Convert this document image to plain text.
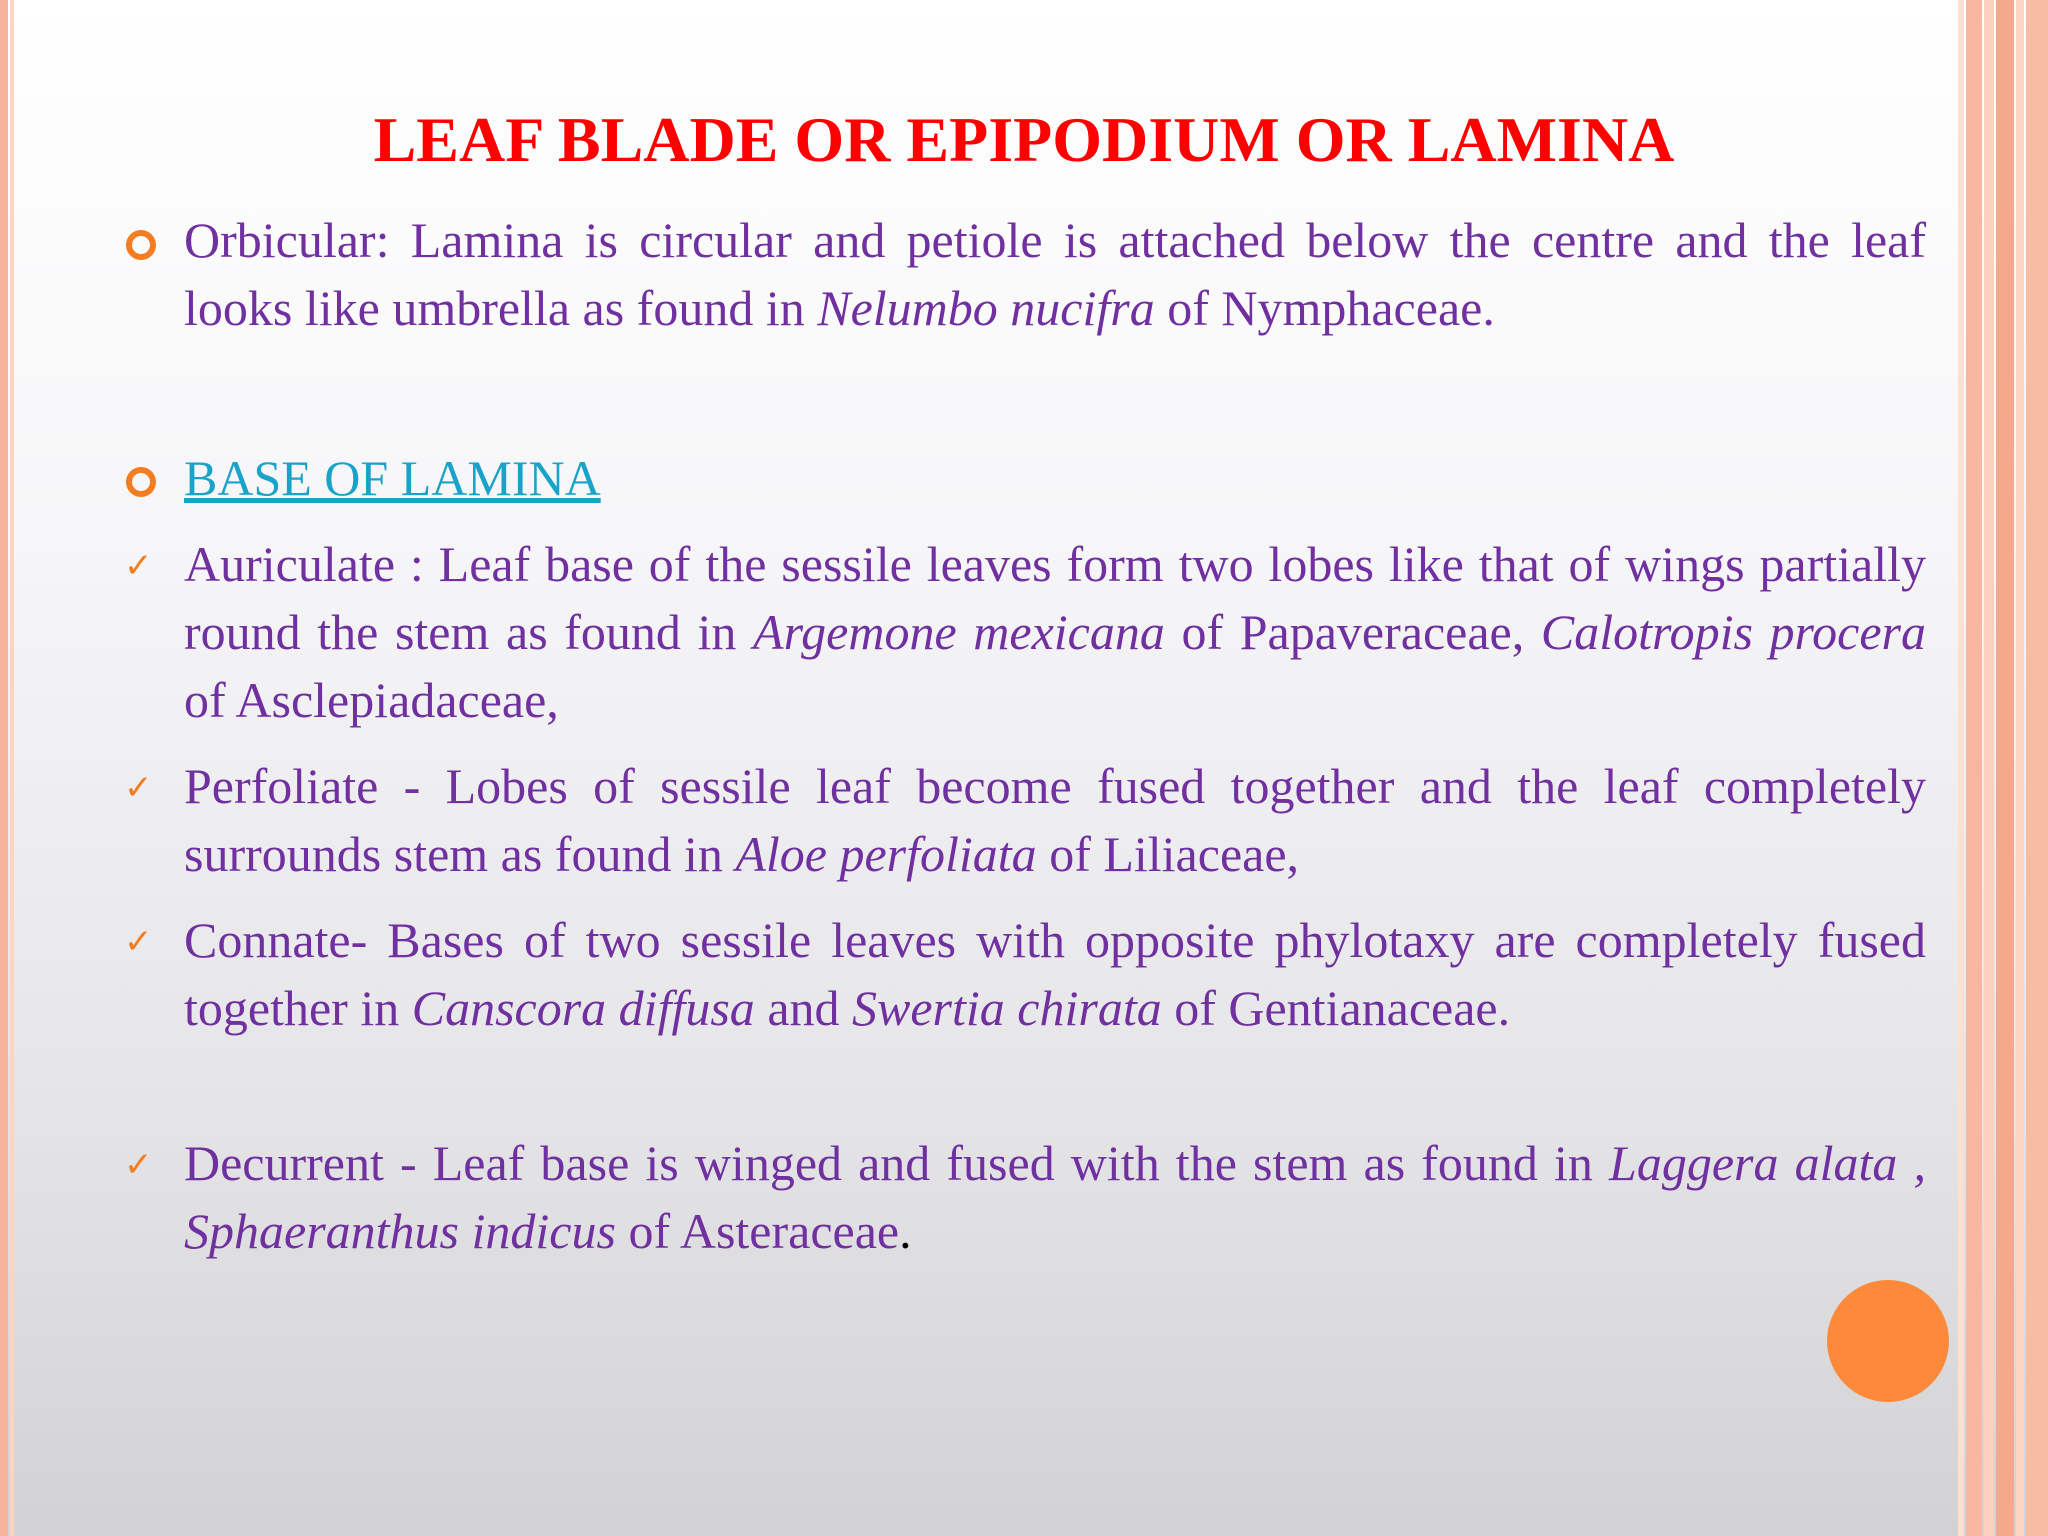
LEAF BLADE OR EPIPODIUM OR LAMINA

Orbicular: Lamina is circular and petiole is attached below the centre and the leaf looks like umbrella as found in Nelumbo nucifra of Nymphaceae.

BASE OF LAMINA

✓ Auriculate : Leaf base of the sessile leaves form two lobes like that of wings partially round the stem as found in Argemone mexicana of Papaveraceae, Calotropis procera of Asclepiadaceae,

✓ Perfoliate - Lobes of sessile leaf become fused together and the leaf completely surrounds stem as found in Aloe perfoliata of Liliaceae,

✓ Connate- Bases of two sessile leaves with opposite phylotaxy are completely fused together in Canscora diffusa and Swertia chirata of Gentianaceae.

✓ Decurrent - Leaf base is winged and fused with the stem as found in Laggera alata , Sphaeranthus indicus of Asteraceae.
